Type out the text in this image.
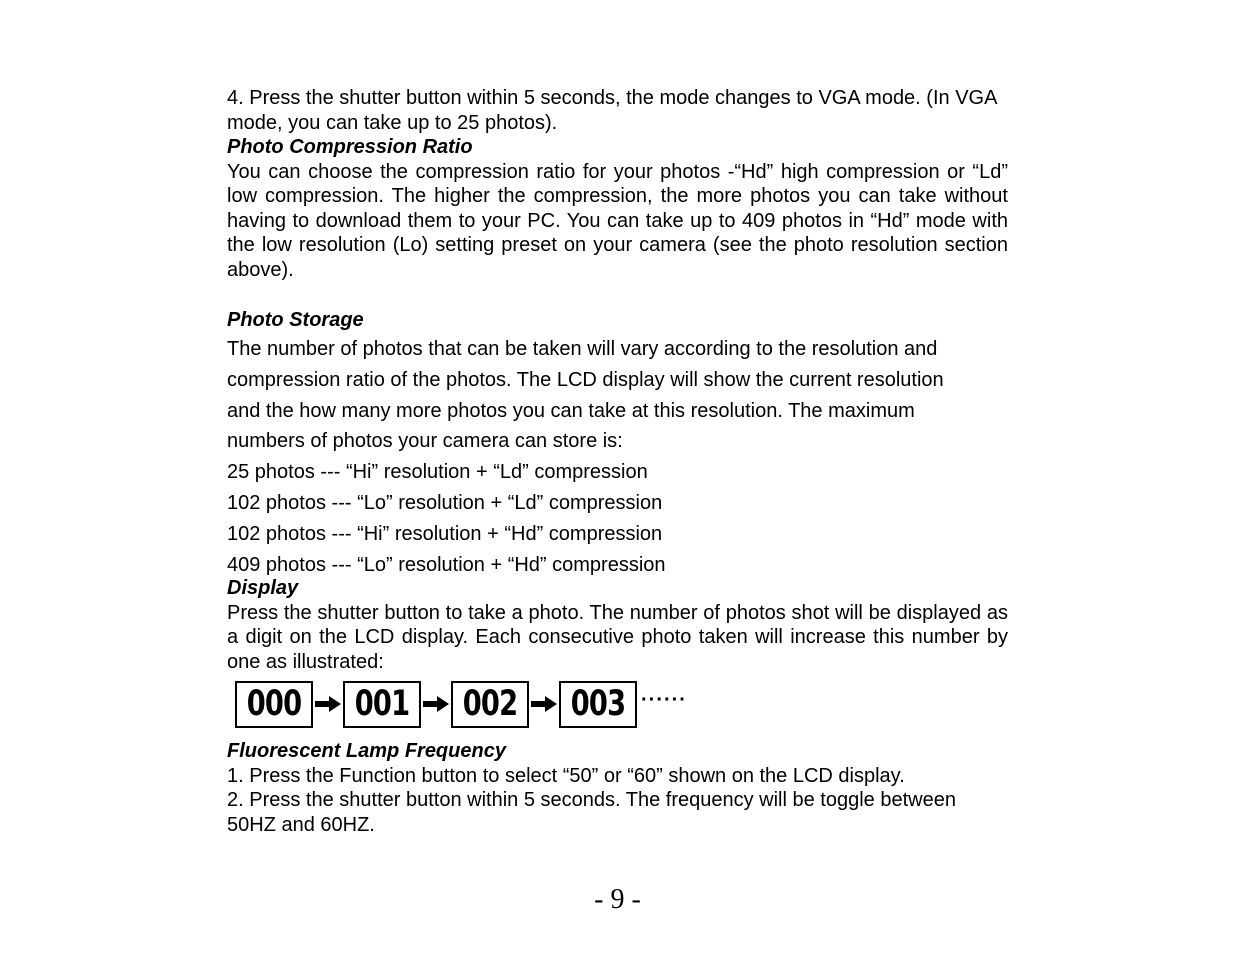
4. Press the shutter button within 5 seconds, the mode changes to VGA mode. (In VGA mode, you can take up to 25 photos).

Photo Compression Ratio

You can choose the compression ratio for your photos -“Hd” high compression or “Ld” low compression. The higher the compression, the more photos you can take without having to download them to your PC. You can take up to 409 photos in “Hd” mode with the low resolution (Lo) setting preset on your camera (see the photo resolution section above).

Photo Storage

The number of photos that can be taken will vary according to the resolution and

compression ratio of the photos. The LCD display will show the current resolution

and the how many more photos you can take at this resolution. The maximum

numbers of photos your camera can store is:

25 photos --- “Hi” resolution + “Ld” compression

102 photos --- “Lo” resolution + “Ld” compression

102 photos --- “Hi” resolution + “Hd” compression

409 photos --- “Lo” resolution + “Hd” compression

Display

Press the shutter button to take a photo. The number of photos shot will be displayed as a digit on the LCD display. Each consecutive photo taken will increase this number by one as illustrated:

000 001 002 003 ······

Fluorescent Lamp Frequency

1. Press the Function button to select “50” or “60” shown on the LCD display.

2. Press the shutter button within 5 seconds. The frequency will be toggle between 50HZ and 60HZ.

- 9 -
